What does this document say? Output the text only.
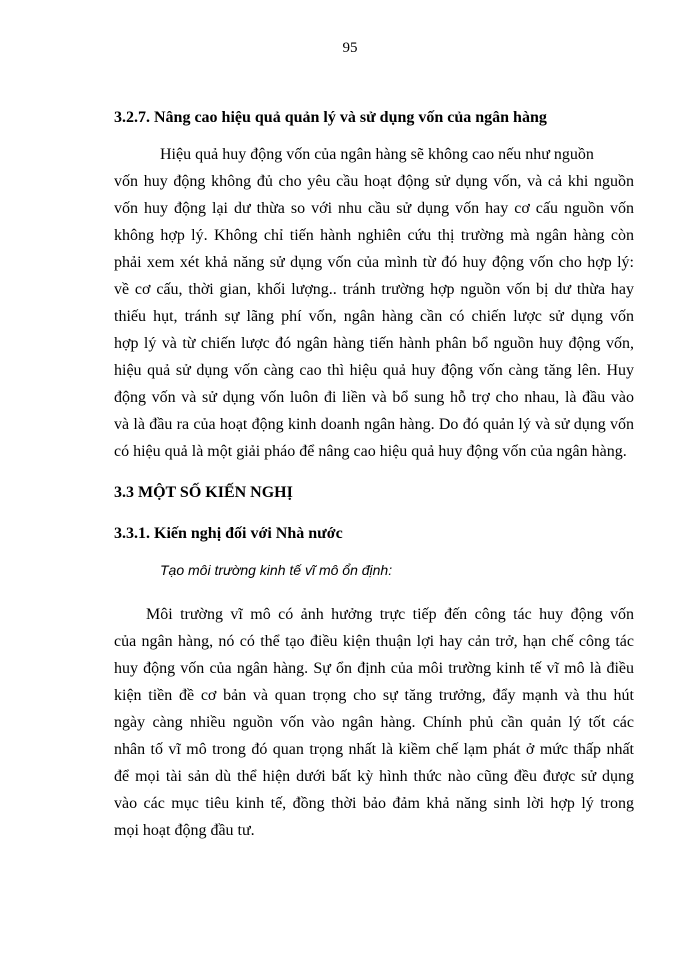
95
3.2.7. Nâng cao hiệu quả quản lý và sử dụng vốn của ngân hàng
Hiệu quả huy động vốn của ngân hàng sẽ không cao nếu như nguồn
vốn huy động không đủ cho yêu cầu hoạt động sử dụng vốn, và cả khi nguồn
vốn huy động lại dư thừa so với nhu cầu sử dụng vốn hay cơ cấu nguồn vốn
không hợp lý. Không chỉ tiến hành nghiên cứu thị trường mà ngân hàng còn
phải xem xét khả năng sử dụng vốn của mình từ đó huy động vốn cho hợp lý:
về cơ cấu, thời gian, khối lượng.. tránh trường hợp nguồn vốn bị dư thừa hay
thiếu hụt, tránh sự lãng phí vốn, ngân hàng cần có chiến lược sử dụng vốn
hợp lý và từ chiến lược đó ngân hàng tiến hành phân bổ nguồn huy động vốn,
hiệu quả sử dụng vốn càng cao thì hiệu quả huy động vốn càng tăng lên. Huy
động vốn và sử dụng vốn luôn đi liền và bổ sung hỗ trợ cho nhau, là đầu vào
và là đầu ra của hoạt động kinh doanh ngân hàng. Do đó quản lý và sử dụng vốn
có hiệu quả là một giải pháo để nâng cao hiệu quả huy động vốn của ngân hàng.
3.3 MỘT SỐ KIẾN NGHỊ
3.3.1. Kiến nghị đối với Nhà nước
Tạo môi trường kinh tế vĩ mô ổn định:
Môi trường vĩ mô có ảnh hưởng trực tiếp đến công tác huy động vốn
của ngân hàng, nó có thể tạo điều kiện thuận lợi hay cản trở, hạn chế công tác
huy động vốn của ngân hàng. Sự ổn định của môi trường kinh tế vĩ mô là điều
kiện tiền đề cơ bản và quan trọng cho sự tăng trưởng, đẩy mạnh và thu hút
ngày càng nhiều nguồn vốn vào ngân hàng. Chính phủ cần quản lý tốt các
nhân tố vĩ mô trong đó quan trọng nhất là kiềm chế lạm phát ở mức thấp nhất
để mọi tài sản dù thể hiện dưới bất kỳ hình thức nào cũng đều được sử dụng
vào các mục tiêu kinh tế, đồng thời bảo đảm khả năng sinh lời hợp lý trong
mọi hoạt động đầu tư.
